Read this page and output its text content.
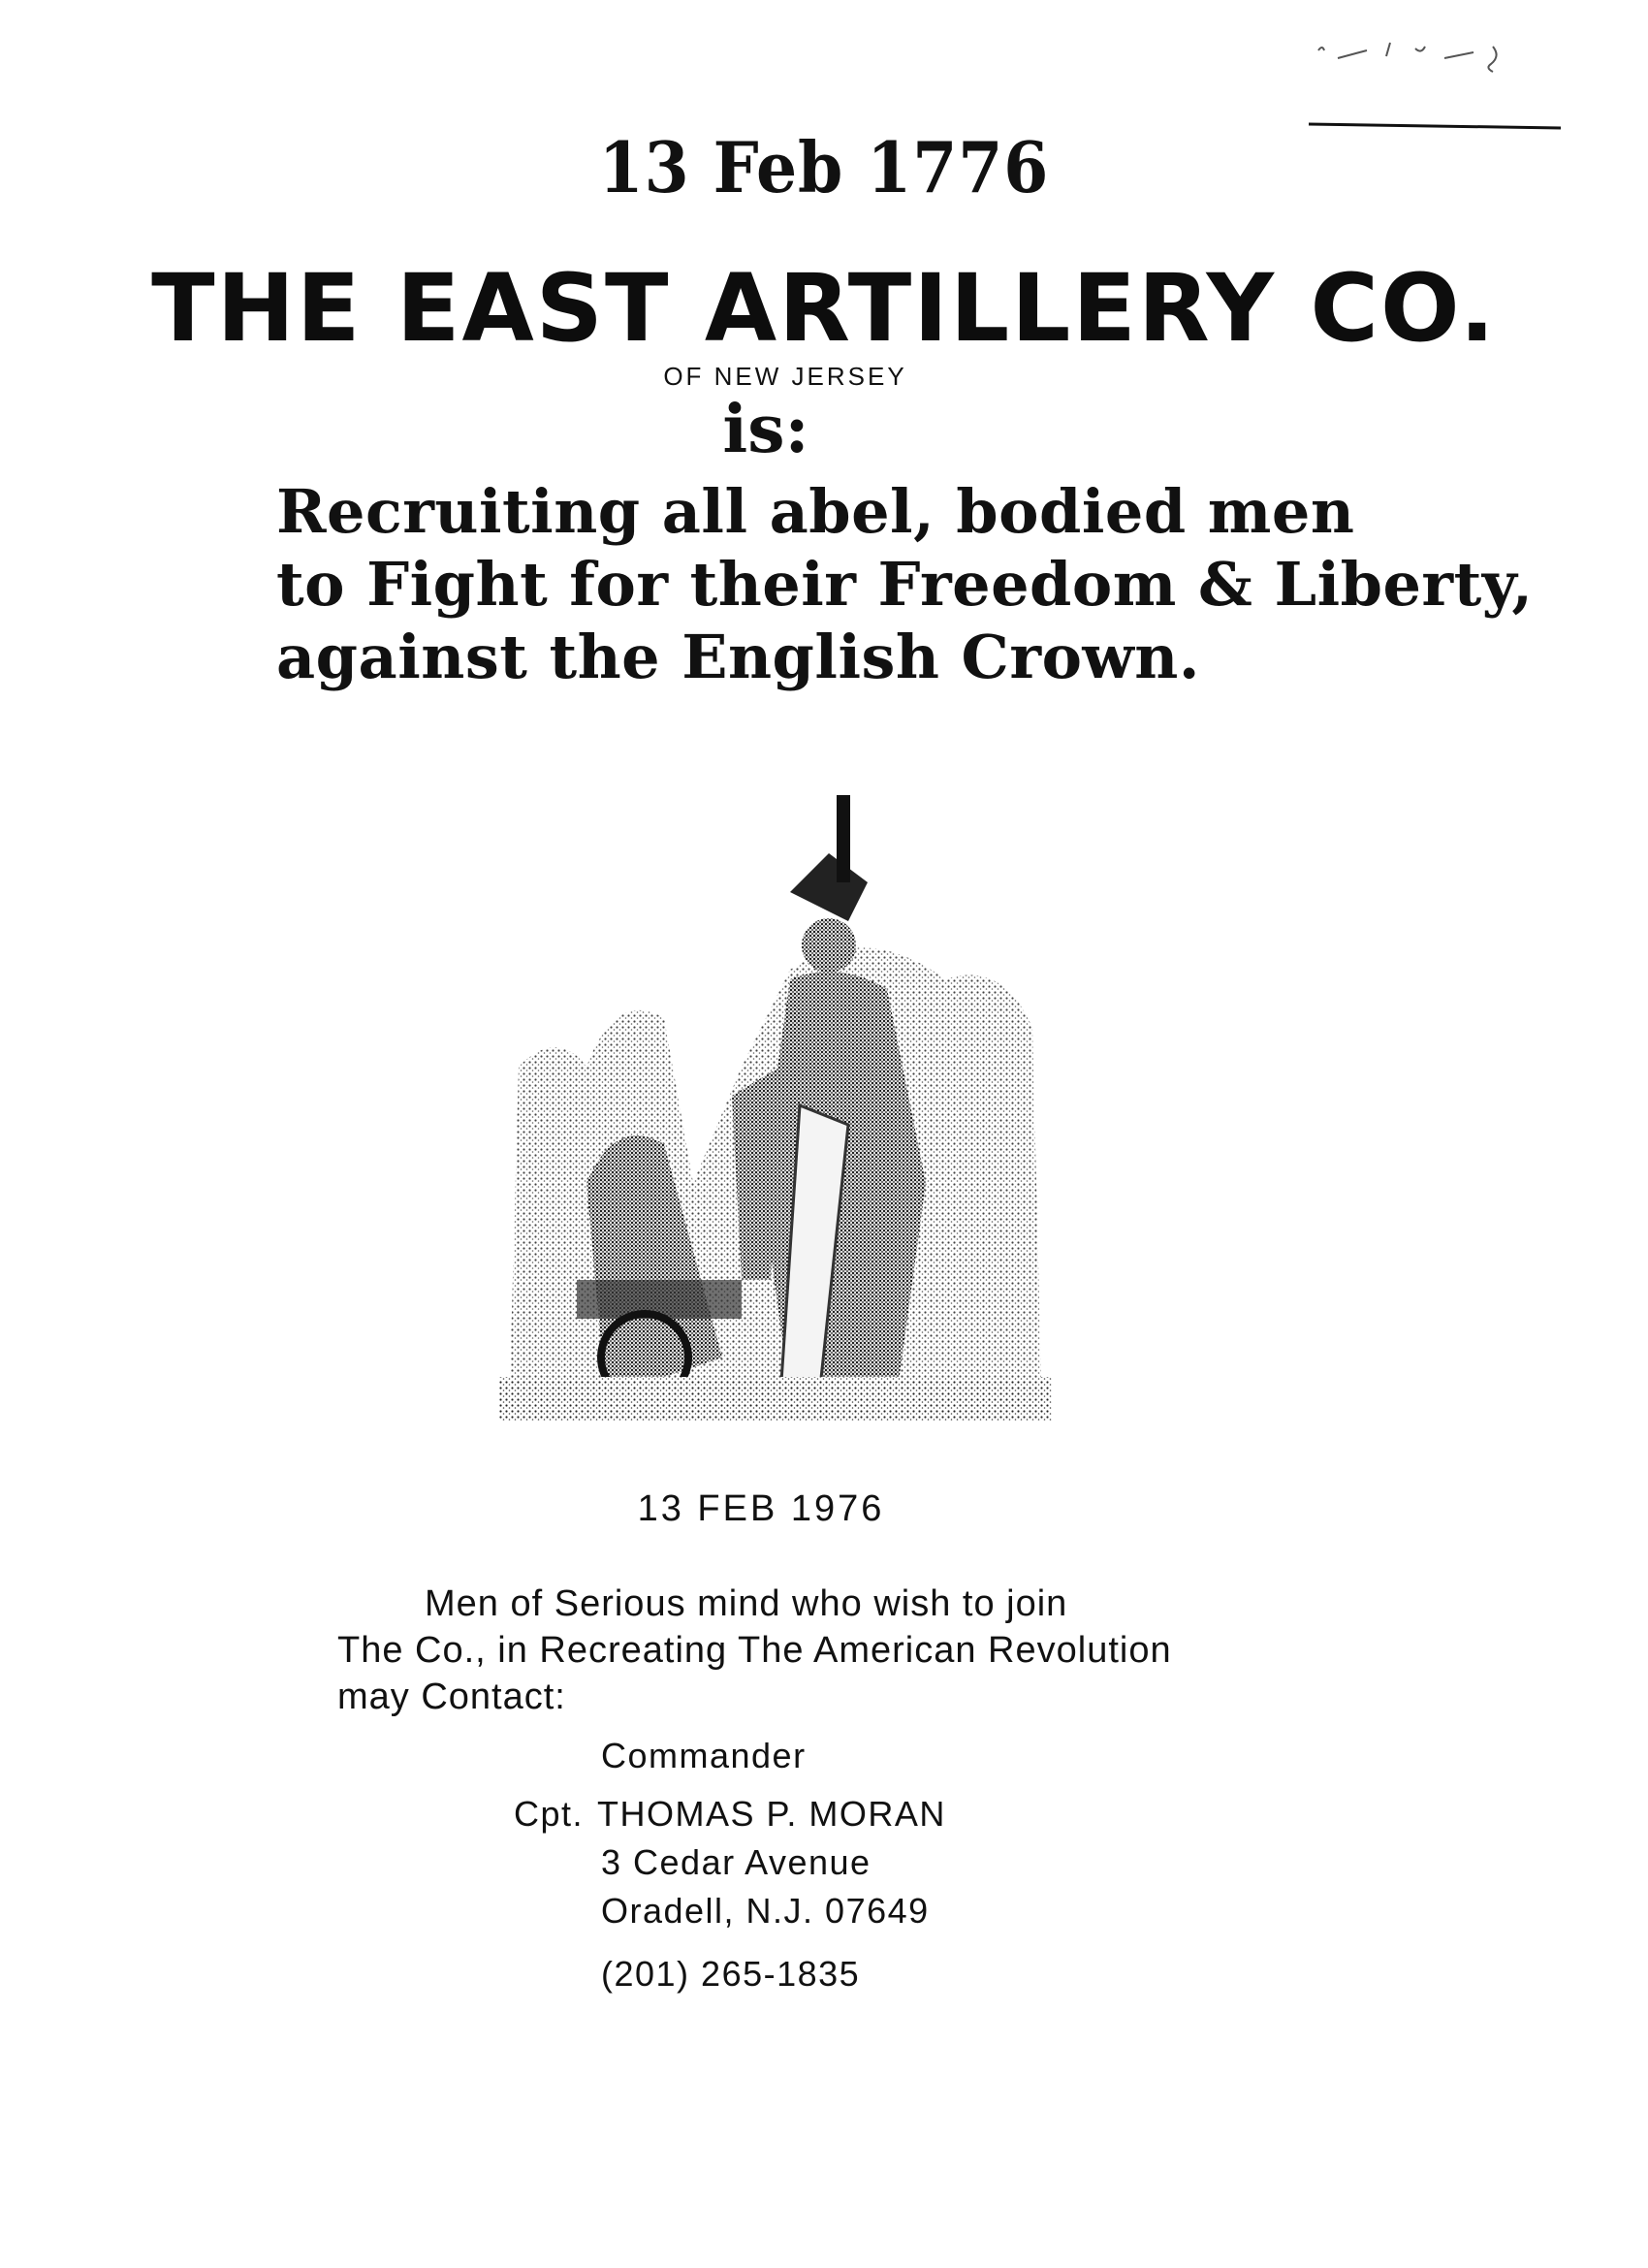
13 Feb 1776
THE EAST ARTILLERY CO.
OF NEW JERSEY
is:
Recruiting all abel, bodied men
to Fight for their Freedom & Liberty,
against the English Crown.
13 FEB 1976
Men of Serious mind who wish to join
The Co., in Recreating The American Revolution
may Contact:
Commander
Cpt. THOMAS P. MORAN
3 Cedar Avenue
Oradell, N.J. 07649
(201) 265-1835
